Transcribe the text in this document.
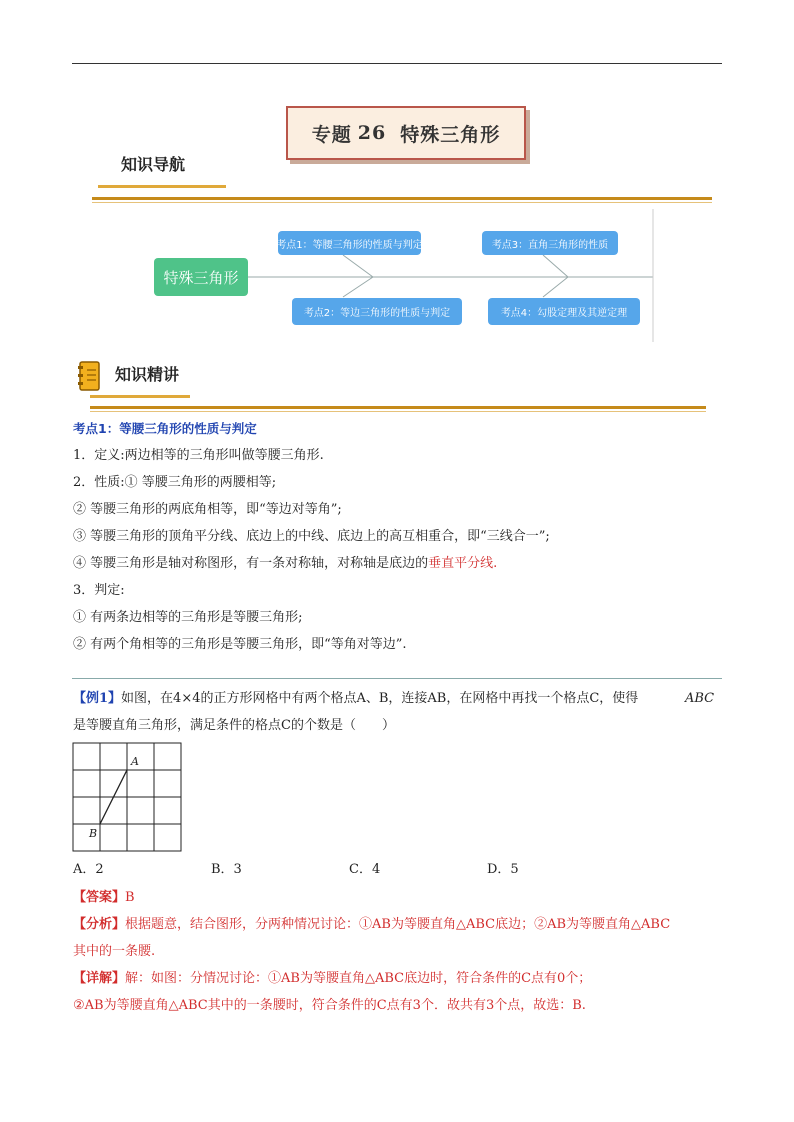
专题 26 特殊三角形
知识导航
特殊三角形
考点1：等腰三角形的性质与判定	考点3：直角三角形的性质
考点2：等边三角形的性质与判定	考点4：勾股定理及其逆定理
知识精讲
考点1：等腰三角形的性质与判定
1．定义:两边相等的三角形叫做等腰三角形.
2．性质:① 等腰三角形的两腰相等;
② 等腰三角形的两底角相等，即“等边对等角”;
③ 等腰三角形的顶角平分线、底边上的中线、底边上的高互相重合，即“三线合一”;
④ 等腰三角形是轴对称图形，有一条对称轴，对称轴是底边的垂直平分线.
3．判定:
① 有两条边相等的三角形是等腰三角形;
② 有两个角相等的三角形是等腰三角形，即“等角对等边”.
【例1】如图，在4×4的正方形网格中有两个格点A、B，连接AB，在网格中再找一个格点C，使得	ABC
是等腰直角三角形，满足条件的格点C的个数是（　　）
A
B
A．2	B．3	C．4	D．5
【答案】B
【分析】根据题意，结合图形，分两种情况讨论：①AB为等腰直角△ABC底边；②AB为等腰直角△ABC
其中的一条腰.
【详解】解：如图：分情况讨论：①AB为等腰直角△ABC底边时，符合条件的C点有0个；
②AB为等腰直角△ABC其中的一条腰时，符合条件的C点有3个．故共有3个点，故选：B.
